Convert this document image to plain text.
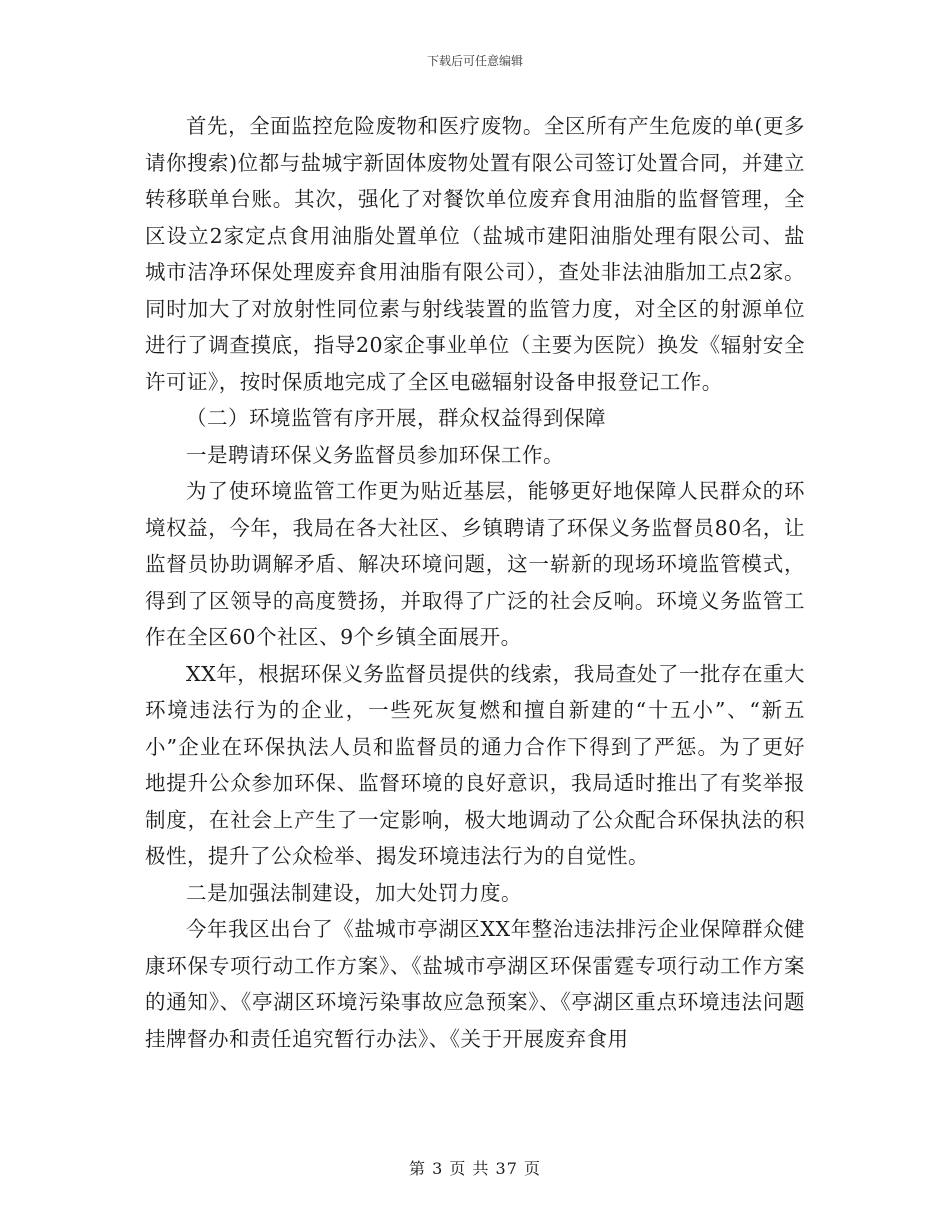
下载后可任意编辑

首先，全面监控危险废物和医疗废物。全区所有产生危废的单(更多请你搜索)位都与盐城宇新固体废物处置有限公司签订处置合同，并建立转移联单台账。其次，强化了对餐饮单位废弃食用油脂的监督管理，全区设立2家定点食用油脂处置单位（盐城市建阳油脂处理有限公司、盐城市洁净环保处理废弃食用油脂有限公司），查处非法油脂加工点2家。同时加大了对放射性同位素与射线装置的监管力度，对全区的射源单位进行了调查摸底，指导20家企事业单位（主要为医院）换发《辐射安全许可证》，按时保质地完成了全区电磁辐射设备申报登记工作。

（二）环境监管有序开展，群众权益得到保障

一是聘请环保义务监督员参加环保工作。

为了使环境监管工作更为贴近基层，能够更好地保障人民群众的环境权益，今年，我局在各大社区、乡镇聘请了环保义务监督员80名，让监督员协助调解矛盾、解决环境问题，这一崭新的现场环境监管模式，得到了区领导的高度赞扬，并取得了广泛的社会反响。环境义务监管工作在全区60个社区、9个乡镇全面展开。

XX年，根据环保义务监督员提供的线索，我局查处了一批存在重大环境违法行为的企业，一些死灰复燃和擅自新建的“十五小”、“新五小”企业在环保执法人员和监督员的通力合作下得到了严惩。为了更好地提升公众参加环保、监督环境的良好意识，我局适时推出了有奖举报制度，在社会上产生了一定影响，极大地调动了公众配合环保执法的积极性，提升了公众检举、揭发环境违法行为的自觉性。

二是加强法制建设，加大处罚力度。

今年我区出台了《盐城市亭湖区XX年整治违法排污企业保障群众健康环保专项行动工作方案》、《盐城市亭湖区环保雷霆专项行动工作方案的通知》、《亭湖区环境污染事故应急预案》、《亭湖区重点环境违法问题挂牌督办和责任追究暂行办法》、《关于开展废弃食用

第 3 页 共 37 页
